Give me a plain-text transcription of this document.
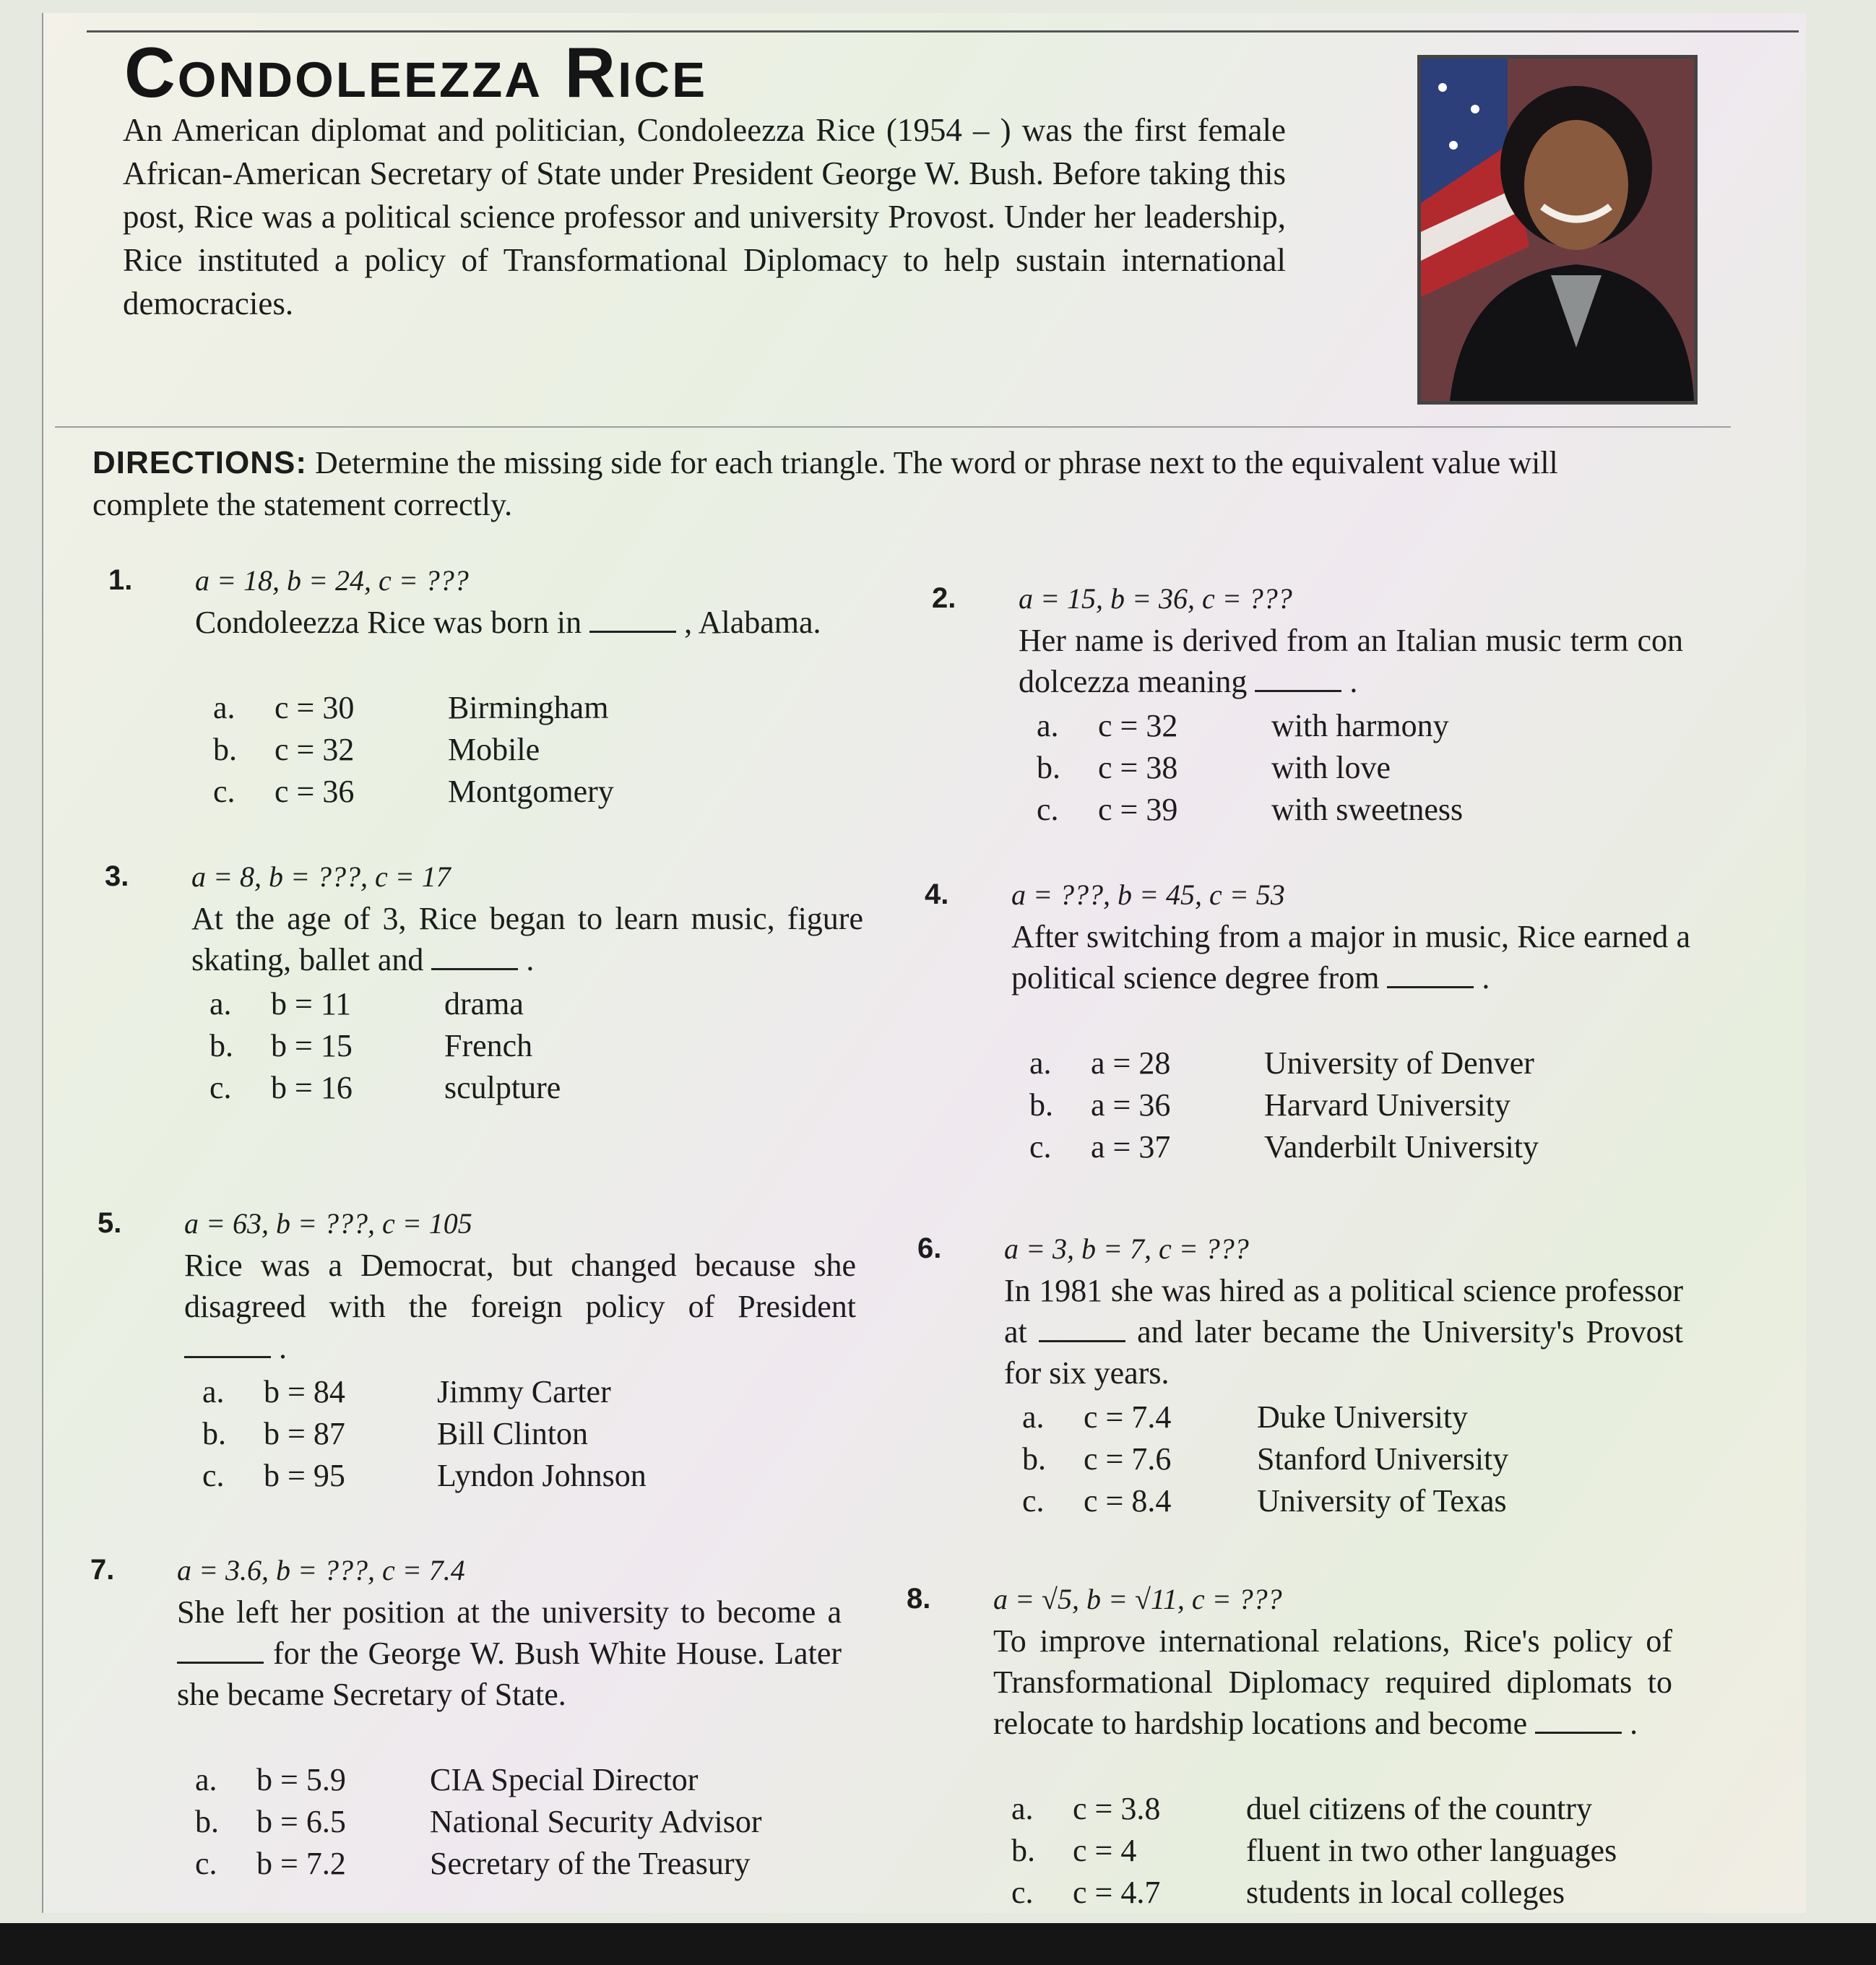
Condoleezza Rice
An American diplomat and politician, Condoleezza Rice (1954 – ) was the first female African-American Secretary of State under President George W. Bush. Before taking this post, Rice was a political science professor and university Provost. Under her leadership, Rice instituted a policy of Transformational Diplomacy to help sustain international democracies.
DIRECTIONS: Determine the missing side for each triangle. The word or phrase next to the equivalent value will complete the statement correctly.
1. a = 18, b = 24, c = ???
Condoleezza Rice was born in	, Alabama.
a. c = 30	Birmingham
b. c = 32	Mobile
c. c = 36	Montgomery
2. a = 15, b = 36, c = ???
Her name is derived from an Italian music term con dolcezza meaning	.
a. c = 32	with harmony
b. c = 38	with love
c. c = 39	with sweetness
3. a = 8, b = ???, c = 17
At the age of 3, Rice began to learn music, figure skating, ballet and	.
a. b = 11	drama
b. b = 15	French
c. b = 16	sculpture
4. a = ???, b = 45, c = 53
After switching from a major in music, Rice earned a political science degree from	.
a. a = 28	University of Denver
b. a = 36	Harvard University
c. a = 37	Vanderbilt University
5. a = 63, b = ???, c = 105
Rice was a Democrat, but changed because she disagreed with the foreign policy of President  .
a. b = 84	Jimmy Carter
b. b = 87	Bill Clinton
c. b = 95	Lyndon Johnson
6. a = 3, b = 7, c = ???
In 1981 she was hired as a political science professor at	and later became the University's Provost for six years.
a. c = 7.4	Duke University
b. c = 7.6	Stanford University
c. c = 8.4	University of Texas
7. a = 3.6, b = ???, c = 7.4
She left her position at the university to become a  for the George W. Bush White House. Later she became Secretary of State.
a. b = 5.9	CIA Special Director
b. b = 6.5	National Security Advisor
c. b = 7.2	Secretary of the Treasury
8. a = √5, b = √11, c = ???
To improve international relations, Rice's policy of Transformational Diplomacy required diplomats to relocate to hardship locations and become	.
a. c = 3.8	duel citizens of the country
b. c = 4	fluent in two other languages
c. c = 4.7	students in local colleges
